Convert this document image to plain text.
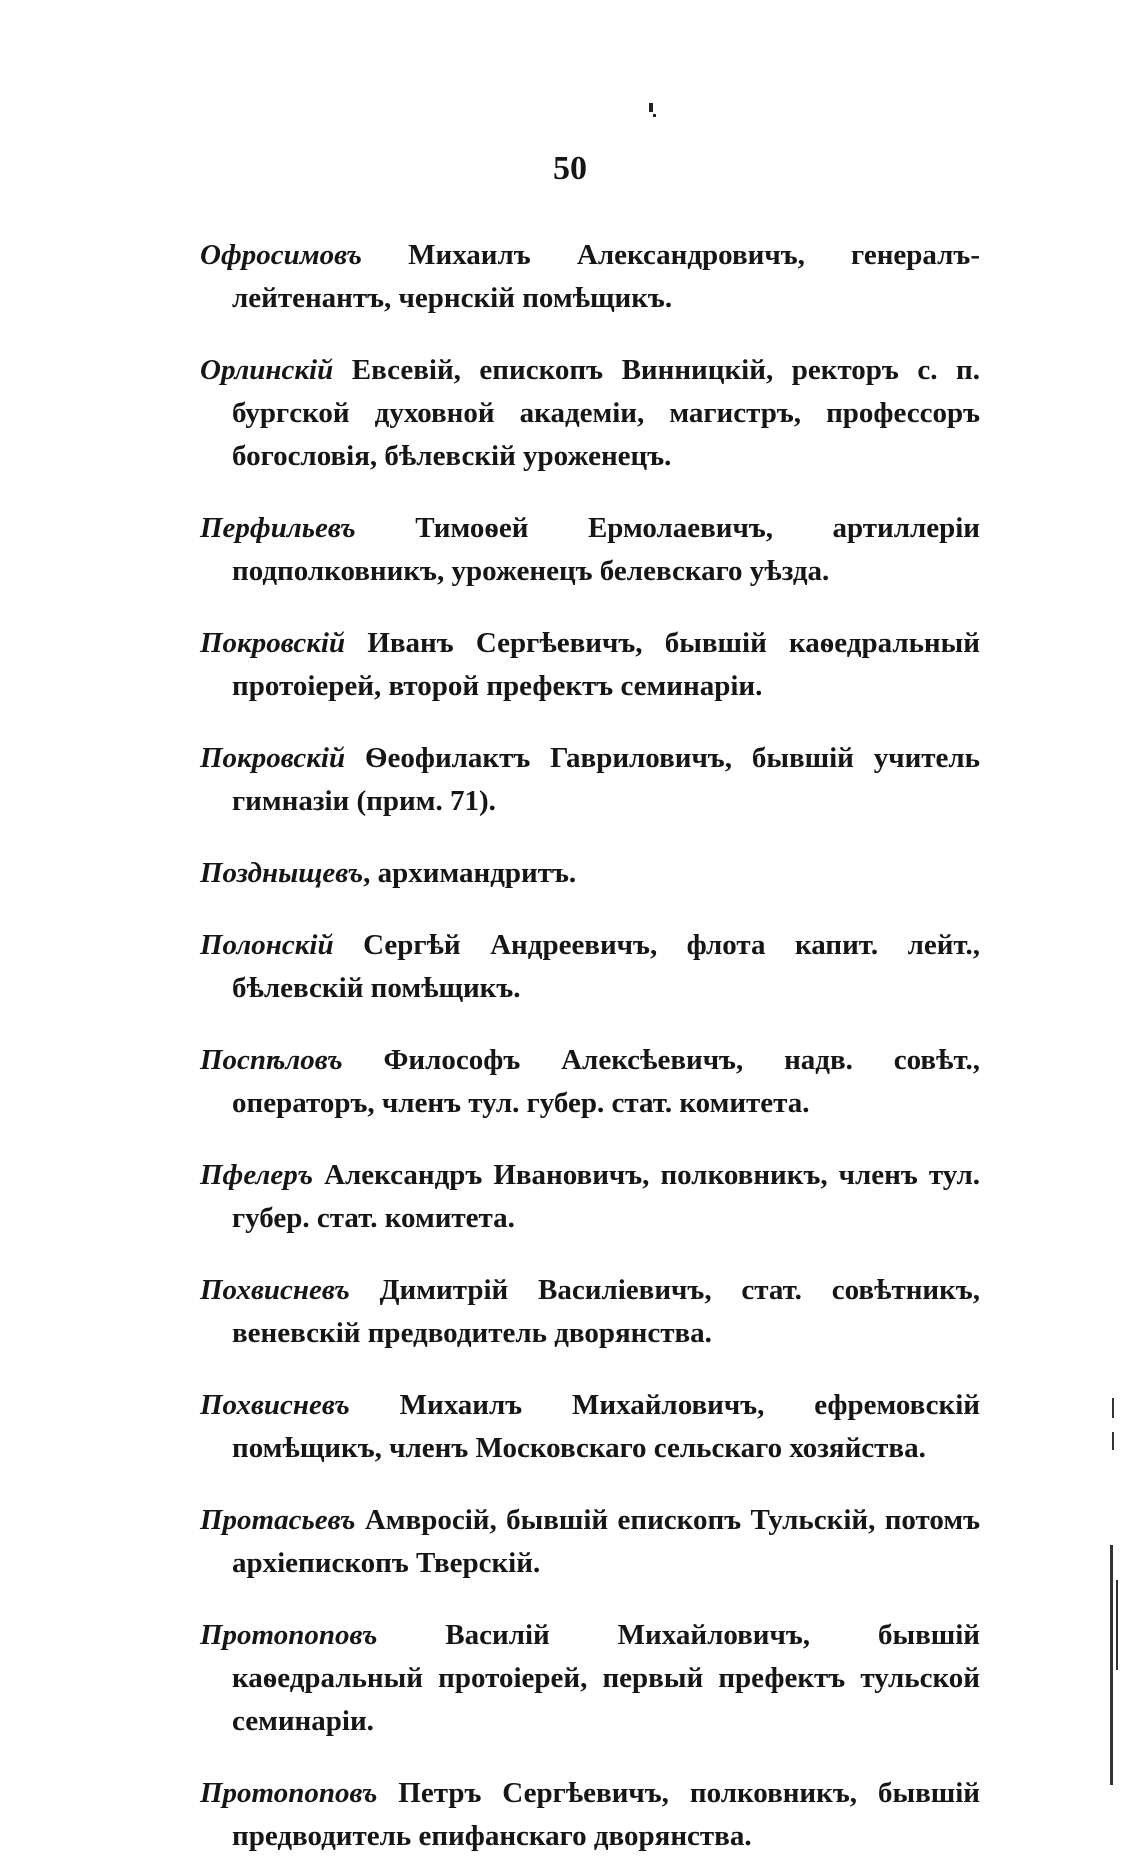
50

Офросимовъ Михаилъ Александровичъ, генералъ-лейтенантъ, чернскій помѣщикъ.

Орлинскій Евсевій, епископъ Винницкій, ректоръ с. п. бургской духовной академіи, магистръ, профессоръ богословія, бѣлевскій уроженецъ.

Перфильевъ Тимоѳей Ермолаевичъ, артиллеріи подполковникъ, уроженецъ белевскаго уѣзда.

Покровскій Иванъ Сергѣевичъ, бывшій каѳедральный протоіерей, второй префектъ семинаріи.

Покровскій Ѳеофилактъ Гавриловичъ, бывшій учитель гимназіи (прим. 71).

Поздныщевъ, архимандритъ.

Полонскій Сергѣй Андреевичъ, флота капит. лейт., бѣлевскій помѣщикъ.

Поспѣловъ Философъ Алексѣевичъ, надв. совѣт., операторъ, членъ тул. губер. стат. комитета.

Пфелеръ Александръ Ивановичъ, полковникъ, членъ тул. губер. стат. комитета.

Похвисневъ Димитрій Василіевичъ, стат. совѣтникъ, веневскій предводитель дворянства.

Похвисневъ Михаилъ Михайловичъ, ефремовскій помѣщикъ, членъ Московскаго сельскаго хозяйства.

Протасьевъ Амвросій, бывшій епископъ Тульскій, потомъ архіепископъ Тверскій.

Протопоповъ Василій Михайловичъ, бывшій каѳедральный протоіерей, первый префектъ тульской семинаріи.

Протопоповъ Петръ Сергѣевичъ, полковникъ, бывшій предводитель епифанскаго дворянства.
